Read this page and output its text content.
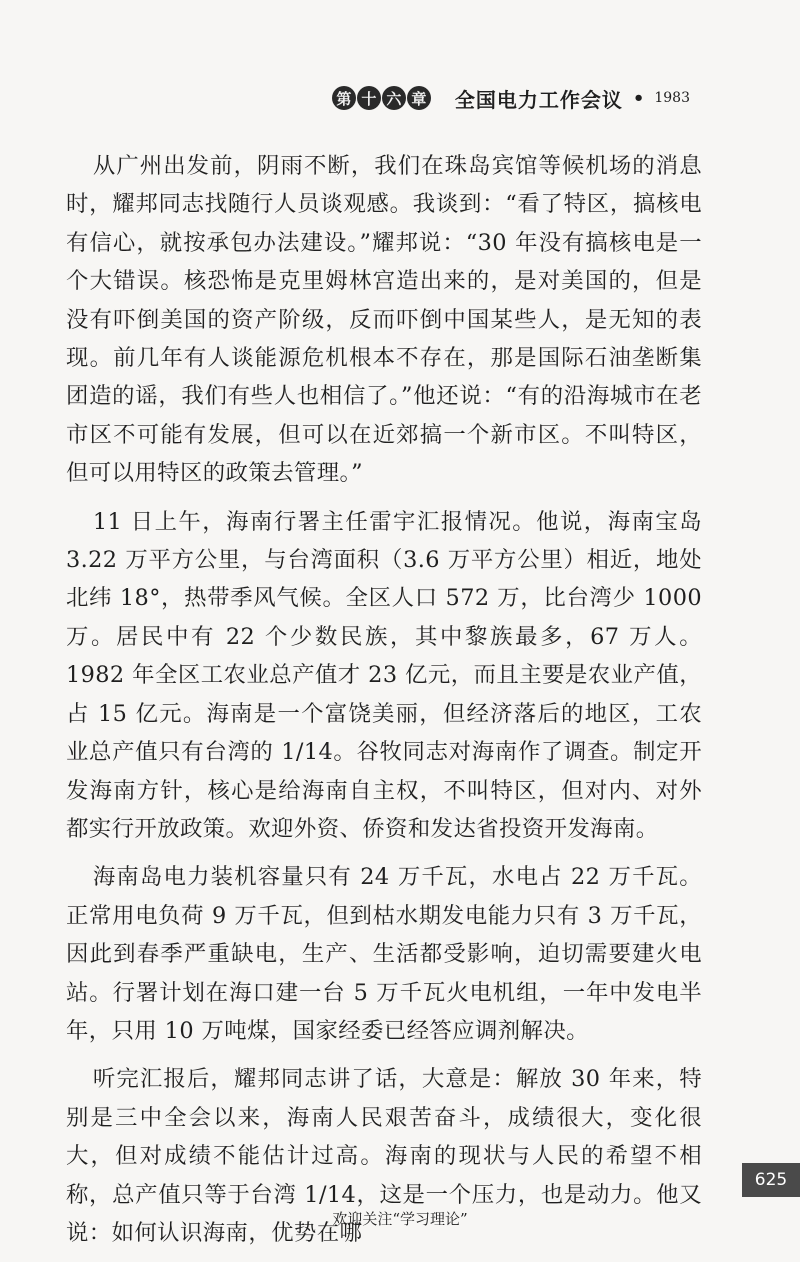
第 十 六 章 全国电力工作会议 • 1983

从广州出发前，阴雨不断，我们在珠岛宾馆等候机场的消息时，耀邦同志找随行人员谈观感。我谈到：“看了特区，搞核电有信心，就按承包办法建设。”耀邦说：“30 年没有搞核电是一个大错误。核恐怖是克里姆林宫造出来的，是对美国的，但是没有吓倒美国的资产阶级，反而吓倒中国某些人，是无知的表现。前几年有人谈能源危机根本不存在，那是国际石油垄断集团造的谣，我们有些人也相信了。”他还说：“有的沿海城市在老市区不可能有发展，但可以在近郊搞一个新市区。不叫特区，但可以用特区的政策去管理。”

11 日上午，海南行署主任雷宇汇报情况。他说，海南宝岛 3.22 万平方公里，与台湾面积（3.6 万平方公里）相近，地处北纬 18°，热带季风气候。全区人口 572 万，比台湾少 1000 万。居民中有 22 个少数民族，其中黎族最多，67 万人。1982 年全区工农业总产值才 23 亿元，而且主要是农业产值，占 15 亿元。海南是一个富饶美丽，但经济落后的地区，工农业总产值只有台湾的 1/14。谷牧同志对海南作了调查。制定开发海南方针，核心是给海南自主权，不叫特区，但对内、对外都实行开放政策。欢迎外资、侨资和发达省投资开发海南。

海南岛电力装机容量只有 24 万千瓦，水电占 22 万千瓦。正常用电负荷 9 万千瓦，但到枯水期发电能力只有 3 万千瓦，因此到春季严重缺电，生产、生活都受影响，迫切需要建火电站。行署计划在海口建一台 5 万千瓦火电机组，一年中发电半年，只用 10 万吨煤，国家经委已经答应调剂解决。

听完汇报后，耀邦同志讲了话，大意是：解放 30 年来，特别是三中全会以来，海南人民艰苦奋斗，成绩很大，变化很大，但对成绩不能估计过高。海南的现状与人民的希望不相称，总产值只等于台湾 1/14，这是一个压力，也是动力。他又说：如何认识海南，优势在哪

625
欢迎关注“学习理论”
